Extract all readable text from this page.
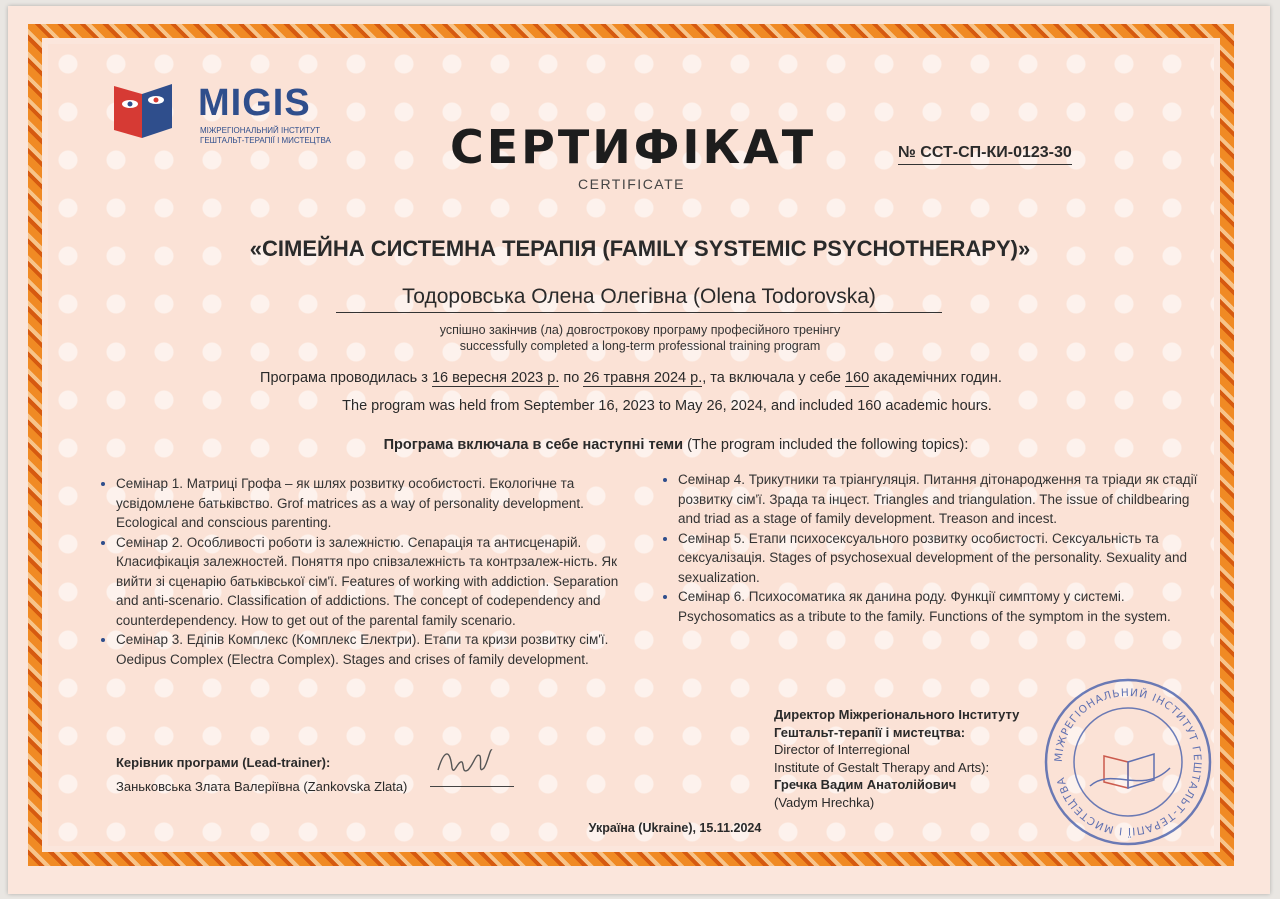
MIGIS
МІЖРЕГІОНАЛЬНИЙ ІНСТИТУТ
ГЕШТАЛЬТ-ТЕРАПІЇ І МИСТЕЦТВА	СЕРТИФІКАТ
CERTIFICATE
№ ССТ-СП-КИ-0123-30
«СІМЕЙНА СИСТЕМНА ТЕРАПІЯ (FAMILY SYSTEMIC PSYCHOTHERAPY)»
Тодоровська Олена Олегівна (Olena Todorovska)
успішно закінчив (ла) довгострокову програму професійного тренінгу
successfully completed a long-term professional training program
Програма проводилась з 16 вересня 2023 р. по 26 травня 2024 р., та включала у себе 160 академічних годин.
The program was held from September 16, 2023 to May 26, 2024, and included 160 academic hours.
Програма включала в себе наступні теми (The program included the following topics):
• Семінар 1. Матриці Грофа – як шлях розвитку особистості. Екологічне та усвідомлене батьківство. Grof matrices as a way of personality development. Ecological and conscious parenting.
• Семінар 2. Особливості роботи із залежністю. Сепарація та антисценарій. Класифікація залежностей. Поняття про співзалежність та контрзалеж-ність. Як вийти зі сценарію батьківської сім'ї. Features of working with addiction. Separation and anti-scenario. Classification of addictions. The concept of codependency and counterdependency. How to get out of the parental family scenario.
• Семінар 3. Едіпів Комплекс (Комплекс Електри). Етапи та кризи розвитку сім'ї. Oedipus Complex (Electra Complex). Stages and crises of family development.
• Семінар 4. Трикутники та тріангуляція. Питання дітонародження та тріади як стадії розвитку сім'ї. Зрада та інцест. Triangles and triangulation. The issue of childbearing and triad as a stage of family development. Treason and incest.
• Семінар 5. Етапи психосексуального розвитку особистості. Сексуальність та сексуалізація. Stages of psychosexual development of the personality. Sexuality and sexualization.
• Семінар 6. Психосоматика як данина роду. Функції симптому у системі. Psychosomatics as a tribute to the family. Functions of the symptom in the system.
Керівник програми (Lead-trainer):
Заньковська Злата Валеріївна (Zankovska Zlata)
Директор Міжрегіонального Інституту
Гештальт-терапії і мистецтва:
Director of Interregional
Institute of Gestalt Therapy and Arts):
Гречка Вадим Анатолійович
(Vadym Hrechka)
МІЖРЕГІОНАЛЬНИЙ ІНСТИТУТ ГЕШТАЛЬТ-ТЕРАПІЇ І МИСТЕЦТВА
Україна (Ukraine), 15.11.2024
